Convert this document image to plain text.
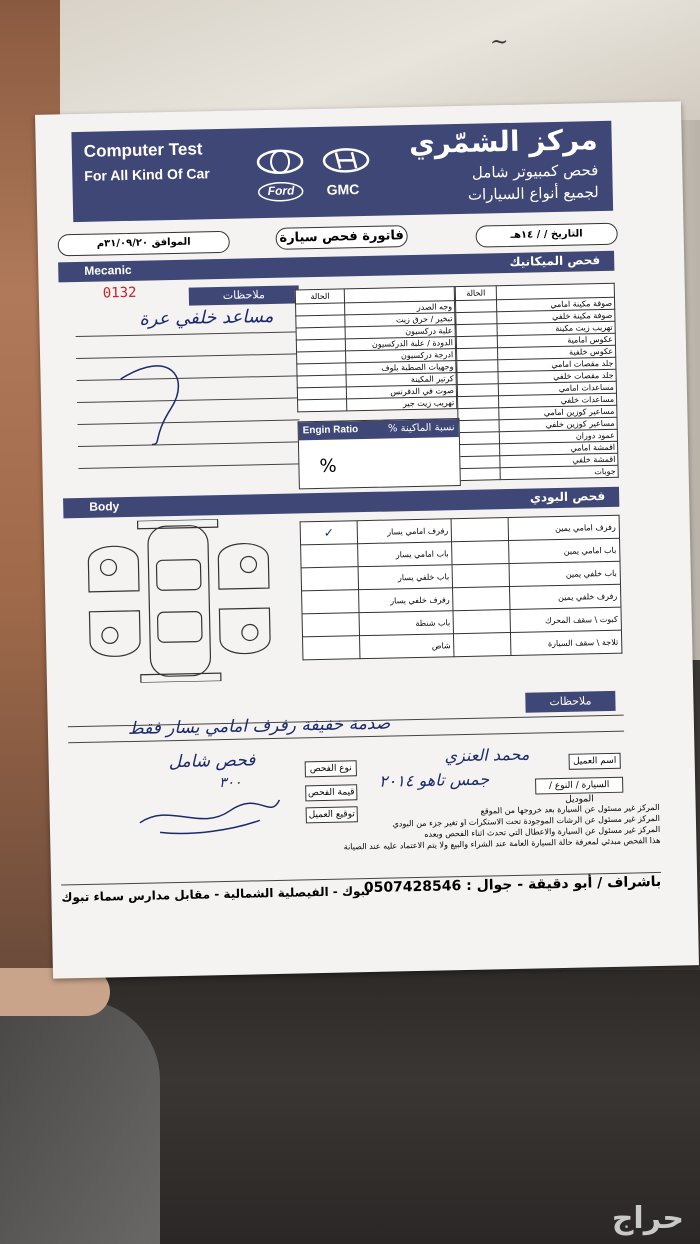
~
Computer Test
For All Kind Of Car
Ford GMC
مركز الشمّري
فحص كمبيوتر شامل
لجميع أنواع السيارات
الموافق ٣١/٠٩/٢٠م	فاتورة فحص سيارة	التاريخ / / ١٤هـ
Mecanic
فحص الميكانيك
0132	ملاحظات
مساعد خلفي عرة
الحالة	
	صوفة مكينة امامي
	صوفة مكينة خلفي
	تهريب زيت مكينة
	عكوس امامية
	عكوس خلفية
	جلد مقصات امامي
	جلد مقصات خلفي
	مساعدات امامي
	مساعدات خلفي
	مساعير كوزين امامي
	مساعير كوزين خلفي
	عمود دوران
	اقمشة امامي
	اقمشة خلفي
	جوبات
الحالة	
	وجه الصدر
	تبخير / حرق زيت
	علبة دركسيون
	الدودة / علبة الدركسيون
	ادرجة دركسيون
	وجهيات الصطبة بلوف
	كرتير المكينة
	صوت في الدفرنس
	تهريب زيت جير
Engin Ratio	نسبة الماكينة %
%
Body
فحص البودي
✓	رفرف امامي يسار		رفرف امامي يمين
	باب امامي يسار		باب امامي يمين
	باب خلفي يسار		باب خلفي يمين
	رفرف خلفي يسار		رفرف خلفي يمين
	باب شنطة		كبوت \ سقف المحرك
	شاص		ثلاجة \ سقف السيارة
ملاحظات
صدمة خفيفة رفرف امامي يسار فقط
اسم العميل
محمد العنزي
السيارة / النوع / الموديل
جمس تاهو ٢٠١٤
نوع الفحص
فحص شامل
قيمة الفحص
٣٠٠
توقيع العميل	المركز غير مسئول عن السيارة بعد خروجها من الموقع
المركز غير مسئول عن الرشات الموجودة تحت الاستكرات او تغير جزء من البودي
المركز غير مسئول عن السيارة والاعطال التي تحدث اثناء الفحص وبعده
هذا الفحص مبدئي لمعرفة حالة السيارة العامة عند الشراء والبيع ولا يتم الاعتماد عليه عند الصيانة
باشراف / أبو دقيقة - جوال : 0507428546
تبوك - الفيصلية الشمالية - مقابل مدارس سماء تبوك
حراج
